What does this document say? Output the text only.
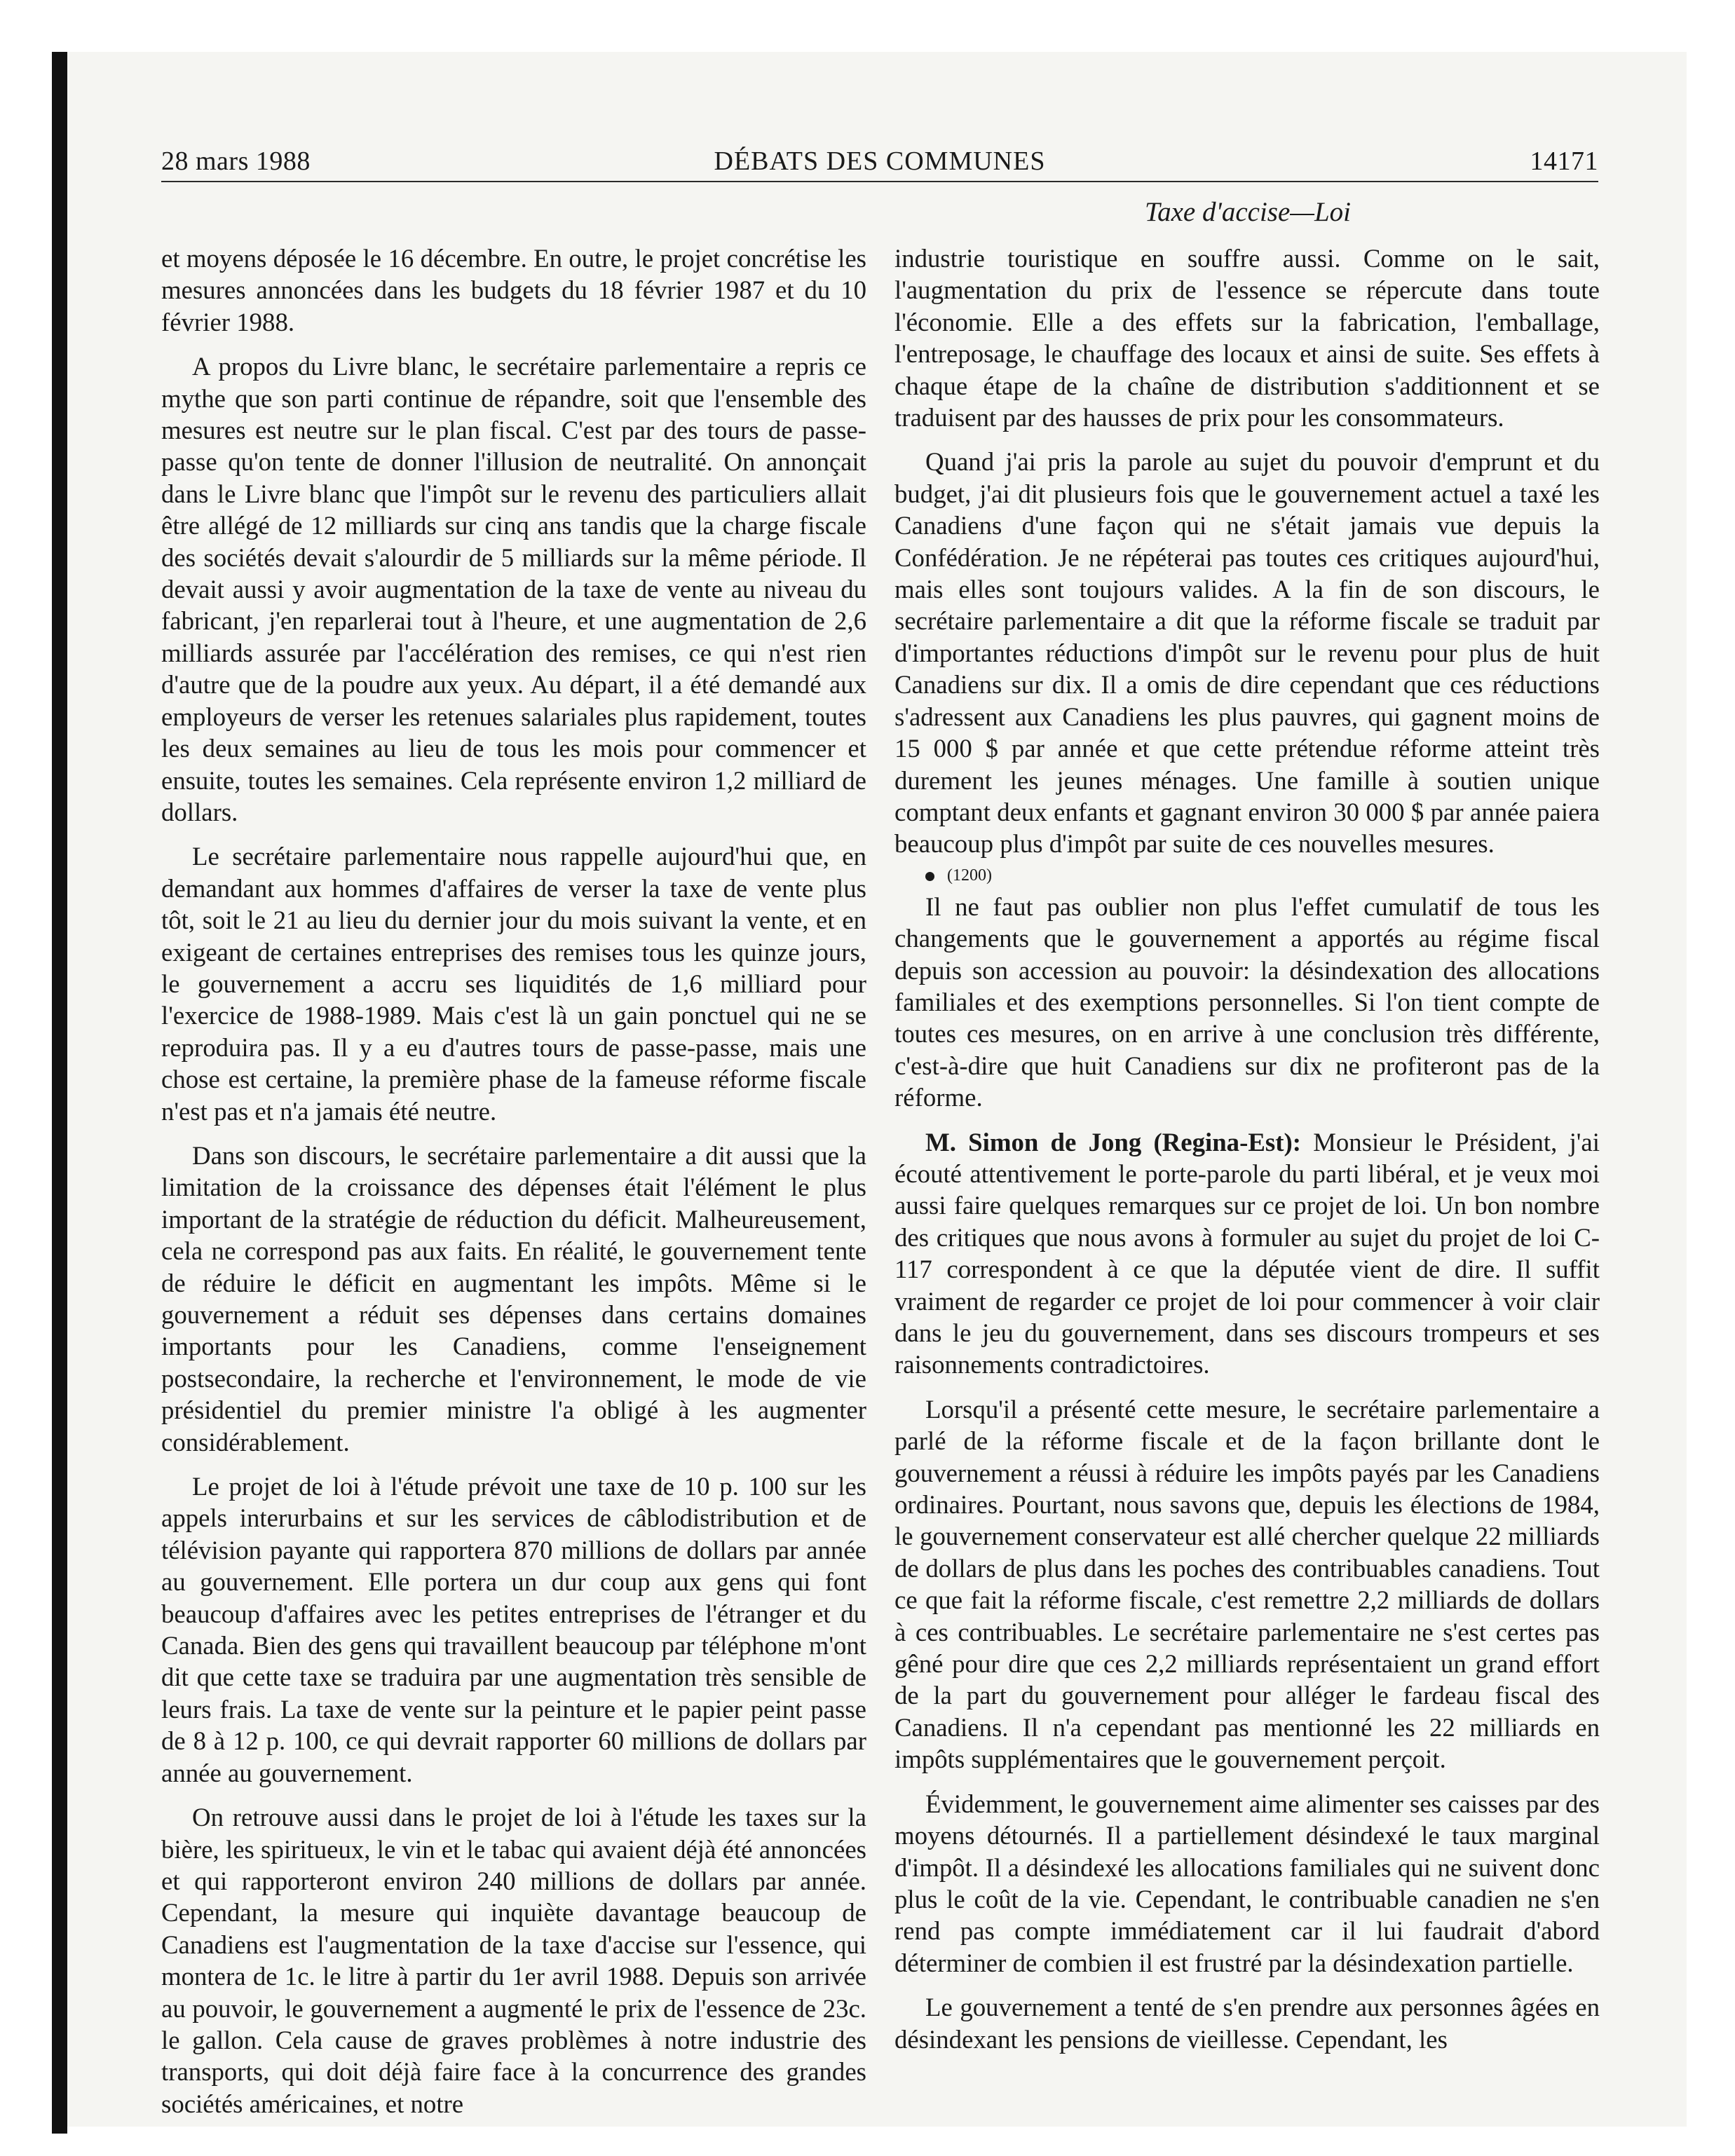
28 mars 1988	DÉBATS DES COMMUNES	14171
Taxe d'accise—Loi

et moyens déposée le 16 décembre. En outre, le projet concrétise les mesures annoncées dans les budgets du 18 février 1987 et du 10 février 1988.

A propos du Livre blanc, le secrétaire parlementaire a repris ce mythe que son parti continue de répandre, soit que l'ensemble des mesures est neutre sur le plan fiscal. C'est par des tours de passe-passe qu'on tente de donner l'illusion de neutralité. On annonçait dans le Livre blanc que l'impôt sur le revenu des particuliers allait être allégé de 12 milliards sur cinq ans tandis que la charge fiscale des sociétés devait s'alourdir de 5 milliards sur la même période. Il devait aussi y avoir augmentation de la taxe de vente au niveau du fabricant, j'en reparlerai tout à l'heure, et une augmentation de 2,6 milliards assurée par l'accélération des remises, ce qui n'est rien d'autre que de la poudre aux yeux. Au départ, il a été demandé aux employeurs de verser les retenues salariales plus rapidement, toutes les deux semaines au lieu de tous les mois pour commencer et ensuite, toutes les semaines. Cela représente environ 1,2 milliard de dollars.

Le secrétaire parlementaire nous rappelle aujourd'hui que, en demandant aux hommes d'affaires de verser la taxe de vente plus tôt, soit le 21 au lieu du dernier jour du mois suivant la vente, et en exigeant de certaines entreprises des remises tous les quinze jours, le gouvernement a accru ses liquidités de 1,6 milliard pour l'exercice de 1988-1989. Mais c'est là un gain ponctuel qui ne se reproduira pas. Il y a eu d'autres tours de passe-passe, mais une chose est certaine, la première phase de la fameuse réforme fiscale n'est pas et n'a jamais été neutre.

Dans son discours, le secrétaire parlementaire a dit aussi que la limitation de la croissance des dépenses était l'élément le plus important de la stratégie de réduction du déficit. Malheureusement, cela ne correspond pas aux faits. En réalité, le gouvernement tente de réduire le déficit en augmentant les impôts. Même si le gouvernement a réduit ses dépenses dans certains domaines importants pour les Canadiens, comme l'enseignement postsecondaire, la recherche et l'environnement, le mode de vie présidentiel du premier ministre l'a obligé à les augmenter considérablement.

Le projet de loi à l'étude prévoit une taxe de 10 p. 100 sur les appels interurbains et sur les services de câblodistribution et de télévision payante qui rapportera 870 millions de dollars par année au gouvernement. Elle portera un dur coup aux gens qui font beaucoup d'affaires avec les petites entreprises de l'étranger et du Canada. Bien des gens qui travaillent beaucoup par téléphone m'ont dit que cette taxe se traduira par une augmentation très sensible de leurs frais. La taxe de vente sur la peinture et le papier peint passe de 8 à 12 p. 100, ce qui devrait rapporter 60 millions de dollars par année au gouvernement.

On retrouve aussi dans le projet de loi à l'étude les taxes sur la bière, les spiritueux, le vin et le tabac qui avaient déjà été annoncées et qui rapporteront environ 240 millions de dollars par année. Cependant, la mesure qui inquiète davantage beaucoup de Canadiens est l'augmentation de la taxe d'accise sur l'essence, qui montera de 1c. le litre à partir du 1er avril 1988. Depuis son arrivée au pouvoir, le gouvernement a augmenté le prix de l'essence de 23c. le gallon. Cela cause de graves problèmes à notre industrie des transports, qui doit déjà faire face à la concurrence des grandes sociétés américaines, et notre

industrie touristique en souffre aussi. Comme on le sait, l'augmentation du prix de l'essence se répercute dans toute l'économie. Elle a des effets sur la fabrication, l'emballage, l'entreposage, le chauffage des locaux et ainsi de suite. Ses effets à chaque étape de la chaîne de distribution s'additionnent et se traduisent par des hausses de prix pour les consommateurs.

Quand j'ai pris la parole au sujet du pouvoir d'emprunt et du budget, j'ai dit plusieurs fois que le gouvernement actuel a taxé les Canadiens d'une façon qui ne s'était jamais vue depuis la Confédération. Je ne répéterai pas toutes ces critiques aujourd'hui, mais elles sont toujours valides. A la fin de son discours, le secrétaire parlementaire a dit que la réforme fiscale se traduit par d'importantes réductions d'impôt sur le revenu pour plus de huit Canadiens sur dix. Il a omis de dire cependant que ces réductions s'adressent aux Canadiens les plus pauvres, qui gagnent moins de 15 000 $ par année et que cette prétendue réforme atteint très durement les jeunes ménages. Une famille à soutien unique comptant deux enfants et gagnant environ 30 000 $ par année paiera beaucoup plus d'impôt par suite de ces nouvelles mesures.

(1200)

Il ne faut pas oublier non plus l'effet cumulatif de tous les changements que le gouvernement a apportés au régime fiscal depuis son accession au pouvoir: la désindexation des allocations familiales et des exemptions personnelles. Si l'on tient compte de toutes ces mesures, on en arrive à une conclusion très différente, c'est-à-dire que huit Canadiens sur dix ne profiteront pas de la réforme.

M. Simon de Jong (Regina-Est): Monsieur le Président, j'ai écouté attentivement le porte-parole du parti libéral, et je veux moi aussi faire quelques remarques sur ce projet de loi. Un bon nombre des critiques que nous avons à formuler au sujet du projet de loi C-117 correspondent à ce que la députée vient de dire. Il suffit vraiment de regarder ce projet de loi pour commencer à voir clair dans le jeu du gouvernement, dans ses discours trompeurs et ses raisonnements contradictoires.

Lorsqu'il a présenté cette mesure, le secrétaire parlementaire a parlé de la réforme fiscale et de la façon brillante dont le gouvernement a réussi à réduire les impôts payés par les Canadiens ordinaires. Pourtant, nous savons que, depuis les élections de 1984, le gouvernement conservateur est allé chercher quelque 22 milliards de dollars de plus dans les poches des contribuables canadiens. Tout ce que fait la réforme fiscale, c'est remettre 2,2 milliards de dollars à ces contribuables. Le secrétaire parlementaire ne s'est certes pas gêné pour dire que ces 2,2 milliards représentaient un grand effort de la part du gouvernement pour alléger le fardeau fiscal des Canadiens. Il n'a cependant pas mentionné les 22 milliards en impôts supplémentaires que le gouvernement perçoit.

Évidemment, le gouvernement aime alimenter ses caisses par des moyens détournés. Il a partiellement désindexé le taux marginal d'impôt. Il a désindexé les allocations familiales qui ne suivent donc plus le coût de la vie. Cependant, le contribuable canadien ne s'en rend pas compte immédiatement car il lui faudrait d'abord déterminer de combien il est frustré par la désindexation partielle.

Le gouvernement a tenté de s'en prendre aux personnes âgées en désindexant les pensions de vieillesse. Cependant, les
